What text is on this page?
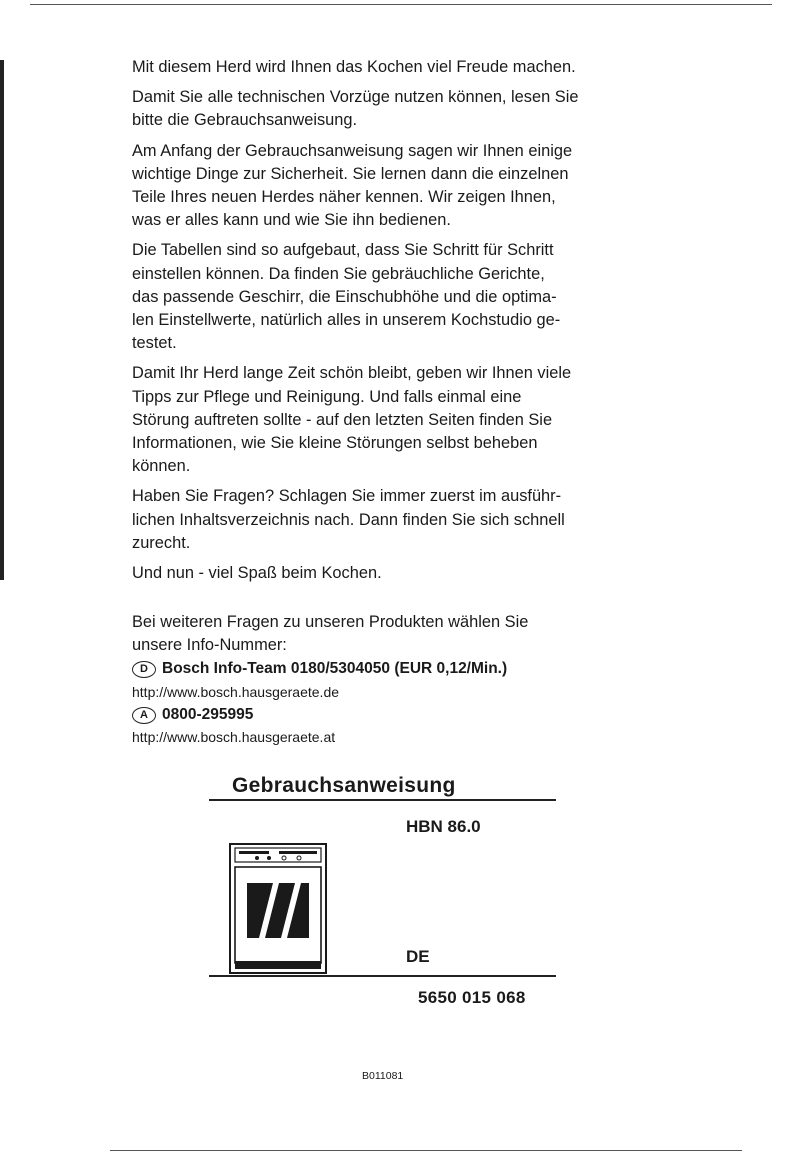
Mit diesem Herd wird Ihnen das Kochen viel Freude machen.

Damit Sie alle technischen Vorzüge nutzen können, lesen Sie
bitte die Gebrauchsanweisung.

Am Anfang der Gebrauchsanweisung sagen wir Ihnen einige
wichtige Dinge zur Sicherheit. Sie lernen dann die einzelnen
Teile Ihres neuen Herdes näher kennen. Wir zeigen Ihnen,
was er alles kann und wie Sie ihn bedienen.

Die Tabellen sind so aufgebaut, dass Sie Schritt für Schritt
einstellen können. Da finden Sie gebräuchliche Gerichte,
das passende Geschirr, die Einschubhöhe und die optima-
len Einstellwerte, natürlich alles in unserem Kochstudio ge-
testet.

Damit Ihr Herd lange Zeit schön bleibt, geben wir Ihnen viele
Tipps zur Pflege und Reinigung. Und falls einmal eine
Störung auftreten sollte - auf den letzten Seiten finden Sie
Informationen, wie Sie kleine Störungen selbst beheben
können.

Haben Sie Fragen? Schlagen Sie immer zuerst im ausführ-
lichen Inhaltsverzeichnis nach. Dann finden Sie sich schnell
zurecht.

Und nun - viel Spaß beim Kochen.

Bei weiteren Fragen zu unseren Produkten wählen Sie
unsere Info-Nummer:
D Bosch Info-Team 0180/5304050 (EUR 0,12/Min.)
http://www.bosch.hausgeraete.de
A 0800-295995
http://www.bosch.hausgeraete.at
Gebrauchsanweisung
HBN 86.0
DE
5650 015 068
B011081
